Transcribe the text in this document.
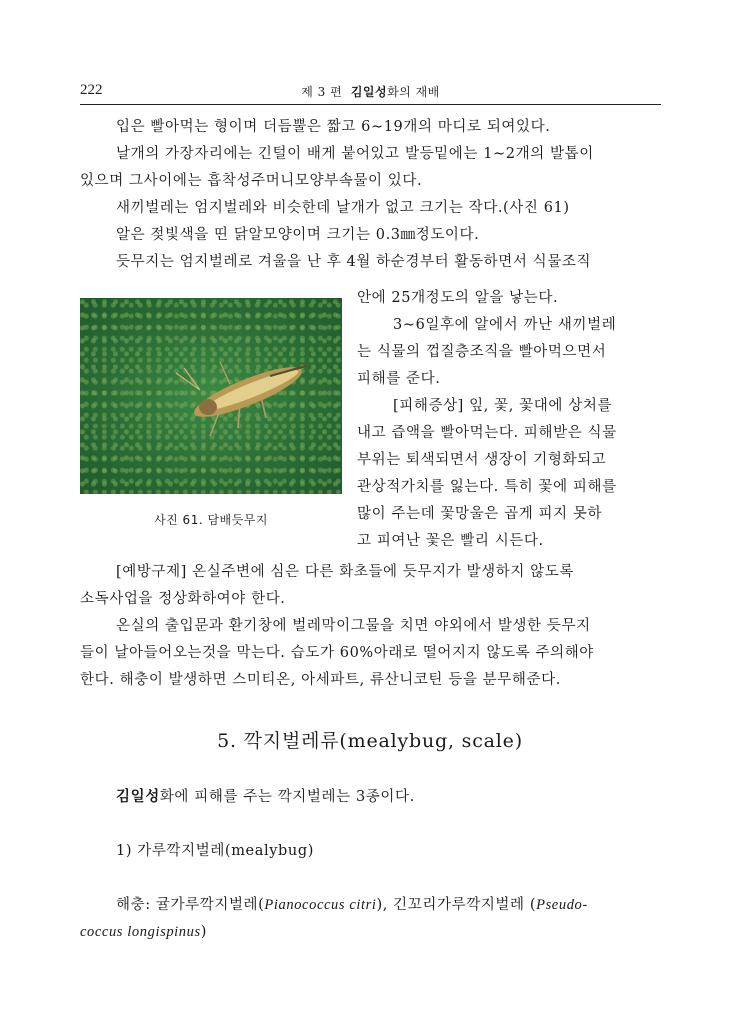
222	제 3 편 김일성화의 재배
입은 빨아먹는 형이며 더듬뿔은 짧고 6∼19개의 마디로 되여있다.
날개의 가장자리에는 긴털이 배게 붙어있고 발등밑에는 1∼2개의 발톱이
있으며 그사이에는 흡착성주머니모양부속물이 있다.
새끼벌레는 엄지벌레와 비슷한데 날개가 없고 크기는 작다.(사진 61)
알은 젖빛색을 띤 닭알모양이며 크기는 0.3㎜정도이다.
듯무지는 엄지벌레로 겨울을 난 후 4월 하순경부터 활동하면서 식물조직
사진 61. 담배듯무지
안에 25개정도의 알을 낳는다.
3∼6일후에 알에서 까난 새끼벌레
는 식물의 껍질층조직을 빨아먹으면서
피해를 준다.
[피해증상] 잎, 꽃, 꽃대에 상처를
내고 즙액을 빨아먹는다. 피해받은 식물
부위는 퇴색되면서 생장이 기형화되고
관상적가치를 잃는다. 특히 꽃에 피해를
많이 주는데 꽃망울은 곱게 피지 못하
고 피여난 꽃은 빨리 시든다.
[예방구제] 온실주변에 심은 다른 화초들에 듯무지가 발생하지 않도록
소독사업을 정상화하여야 한다.
온실의 출입문과 환기창에 벌레막이그물을 치면 야외에서 발생한 듯무지
들이 날아들어오는것을 막는다. 습도가 60%아래로 떨어지지 않도록 주의해야
한다. 해충이 발생하면 스미티온, 아세파트, 류산니코틴 등을 분무해준다.
5. 깍지벌레류(mealybug, scale)
김일성화에 피해를 주는 깍지벌레는 3종이다.
1) 가루깍지벌레(mealybug)
해충: 귤가루깍지벌레(Pianococcus citri), 긴꼬리가루깍지벌레 (Pseudo-
coccus longispinus)
